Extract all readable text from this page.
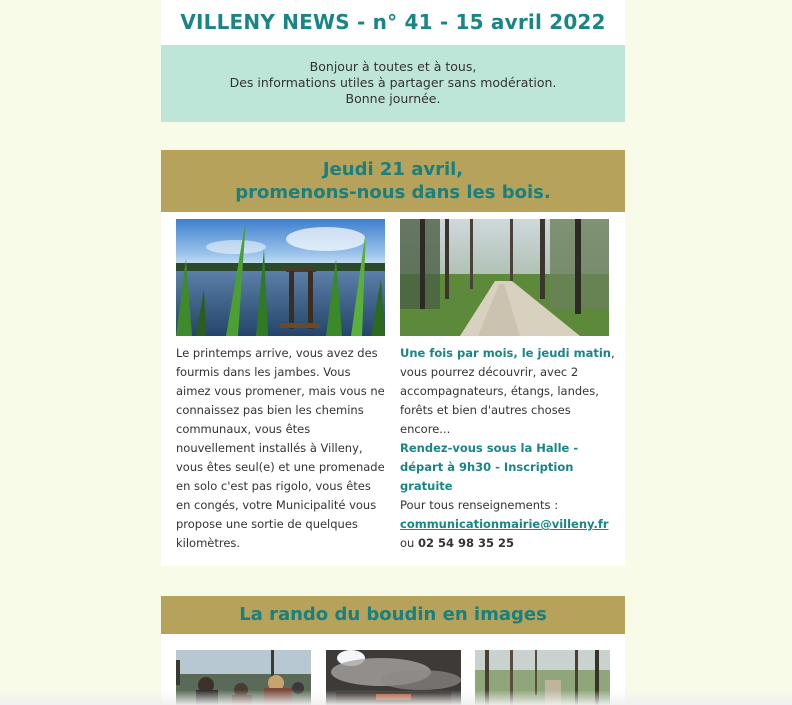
VILLENY NEWS - n° 41 - 15 avril 2022
Bonjour à toutes et à tous,
Des informations utiles à partager sans modération.
Bonne journée.
Jeudi 21 avril,
promenons-nous dans les bois.

Le printemps arrive, vous avez des fourmis dans les jambes. Vous aimez vous promener, mais vous ne connaissez pas bien les chemins communaux, vous êtes nouvellement installés à Villeny, vous êtes seul(e) et une promenade en solo c'est pas rigolo, vous êtes en congés, votre Municipalité vous propose une sortie de quelques kilomètres.

Une fois par mois, le jeudi matin, vous pourrez découvrir, avec 2 accompagnateurs, étangs, landes, forêts et bien d'autres choses encore...

Rendez-vous sous la Halle - départ à 9h30 - Inscription gratuite

Pour tous renseignements :

communicationmairie@villeny.fr

ou 02 54 98 35 25

La rando du boudin en images
